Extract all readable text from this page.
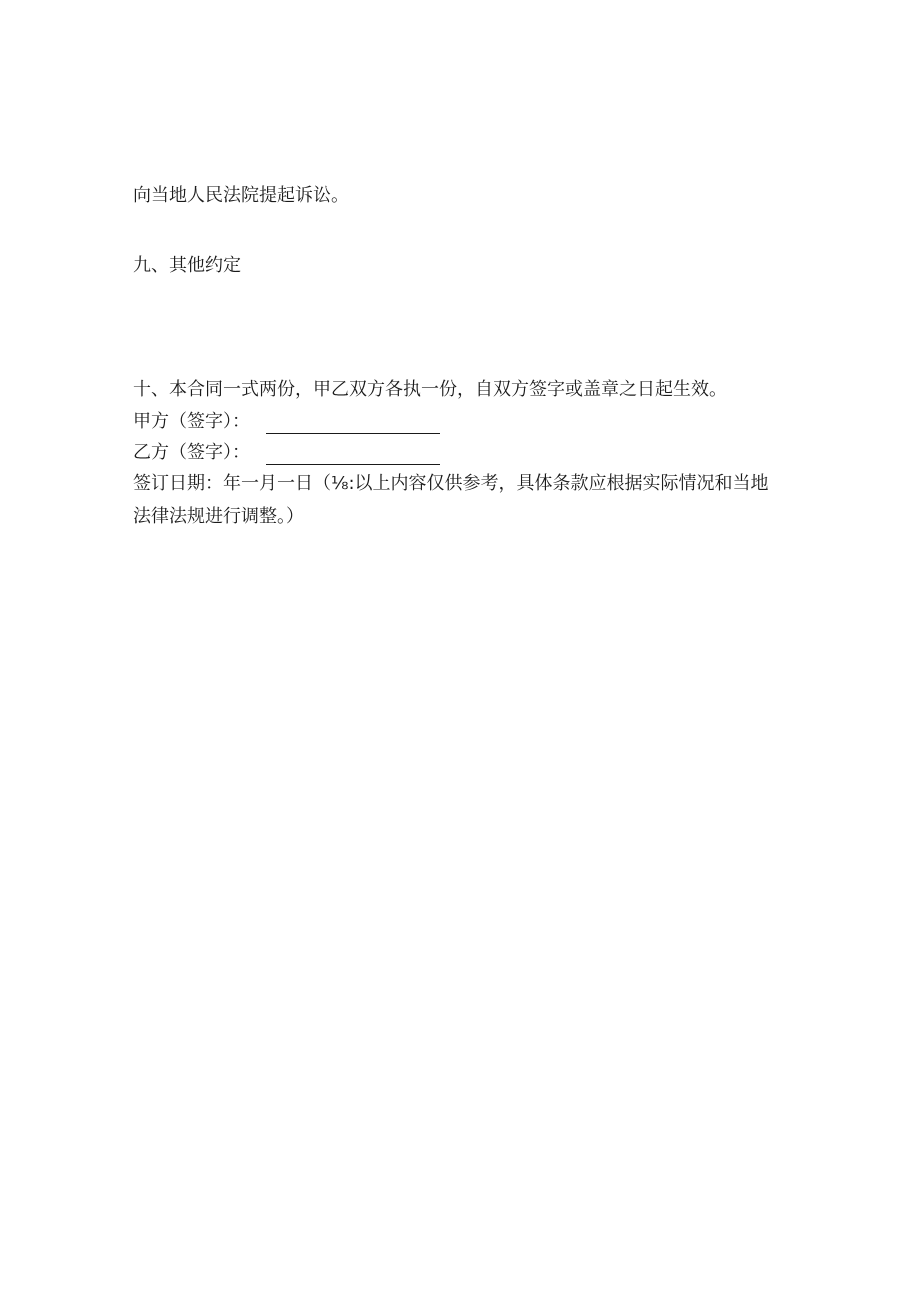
向当地人民法院提起诉讼。
九、其他约定
十、本合同一式两份，甲乙双方各执一份，自双方签字或盖章之日起生效。
甲方（签字）：
乙方（签字）：
签订日期：年一月一日（⅛:以上内容仅供参考，具体条款应根据实际情况和当地
法律法规进行调整。）
